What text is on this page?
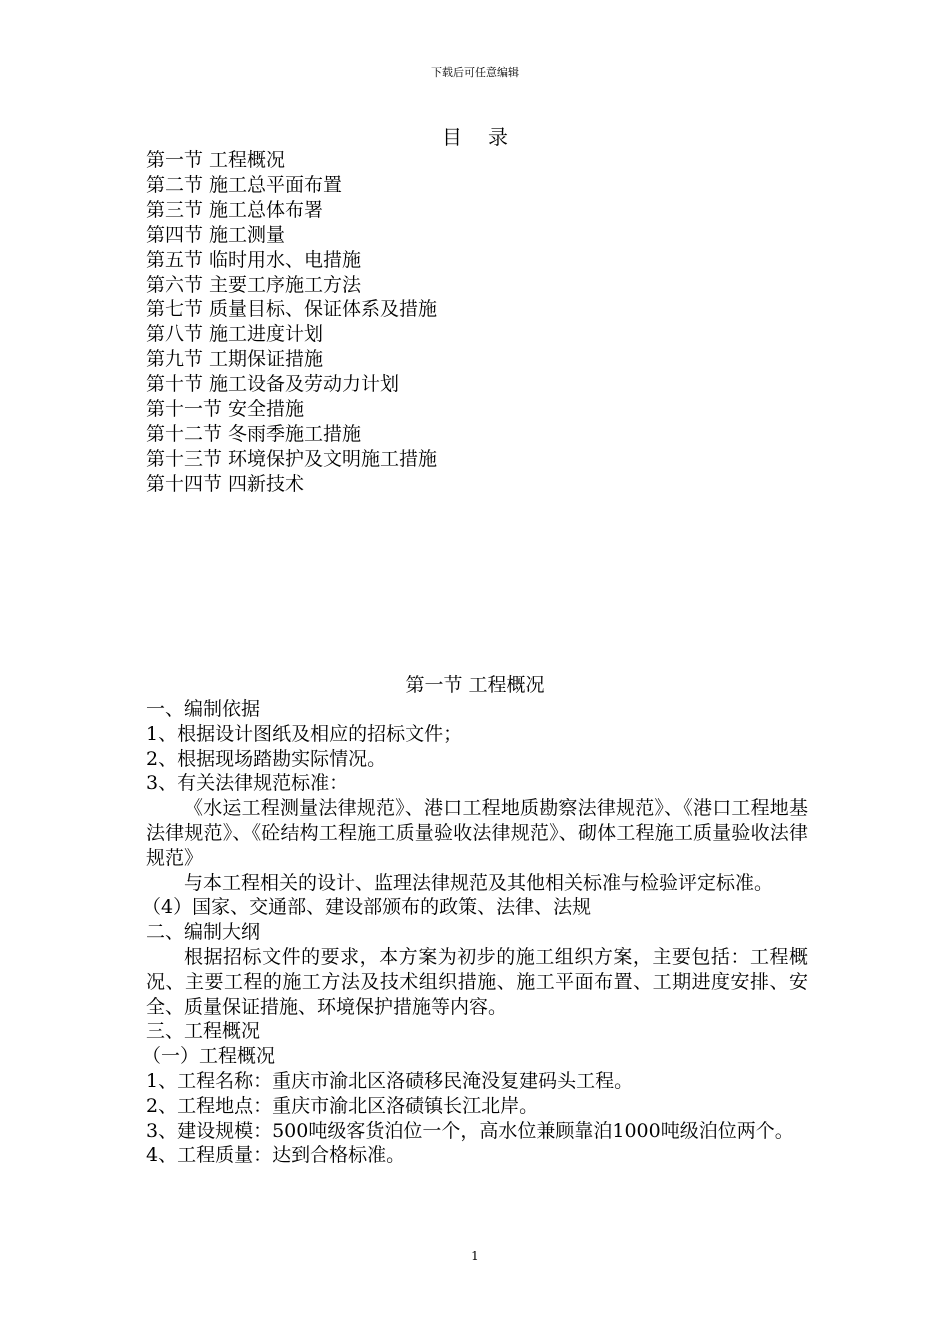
下载后可任意编辑
目 录
第一节 工程概况
第二节 施工总平面布置
第三节 施工总体布署
第四节 施工测量
第五节 临时用水、电措施
第六节 主要工序施工方法
第七节 质量目标、保证体系及措施
第八节 施工进度计划
第九节 工期保证措施
第十节 施工设备及劳动力计划
第十一节 安全措施
第十二节 冬雨季施工措施
第十三节 环境保护及文明施工措施
第十四节 四新技术
第一节 工程概况

一、编制依据

1、根据设计图纸及相应的招标文件；

2、根据现场踏勘实际情况。

3、有关法律规范标准：

《水运工程测量法律规范》、港口工程地质勘察法律规范》、《港口工程地基法律规范》、《砼结构工程施工质量验收法律规范》、砌体工程施工质量验收法律规范》

与本工程相关的设计、监理法律规范及其他相关标准与检验评定标准。

（4）国家、交通部、建设部颁布的政策、法律、法规

二、编制大纲

根据招标文件的要求，本方案为初步的施工组织方案，主要包括：工程概况、主要工程的施工方法及技术组织措施、施工平面布置、工期进度安排、安全、质量保证措施、环境保护措施等内容。

三、工程概况

（一）工程概况

1、工程名称：重庆市渝北区洛碛移民淹没复建码头工程。

2、工程地点：重庆市渝北区洛碛镇长江北岸。

3、建设规模：500吨级客货泊位一个，高水位兼顾靠泊1000吨级泊位两个。

4、工程质量：达到合格标准。

1
